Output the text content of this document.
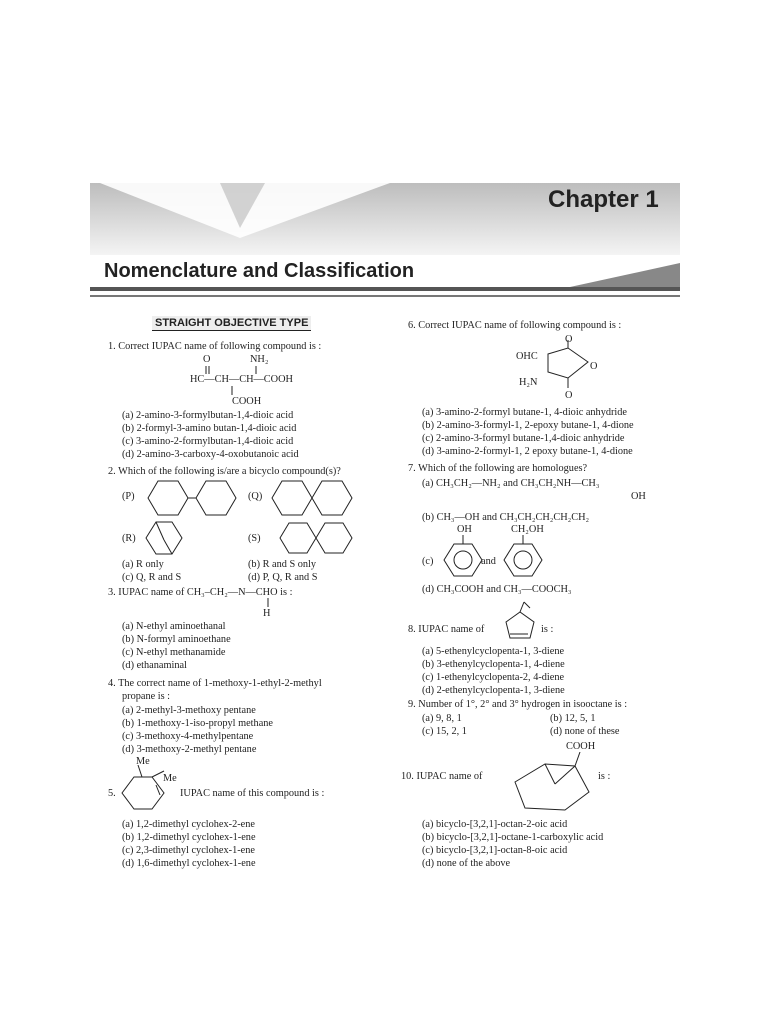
Chapter 1
Nomenclature and Classification
STRAIGHT OBJECTIVE TYPE
1. Correct IUPAC name of following compound is :
O	NH₂
HC—CH—CH—COOH
COOH

(a) 2-amino-3-formylbutan-1,4-dioic acid

(b) 2-formyl-3-amino butan-1,4-dioic acid

(c) 3-amino-2-formylbutan-1,4-dioic acid

(d) 2-amino-3-carboxy-4-oxobutanoic acid

2. Which of the following is/are a bicyclo compound(s)?
(P)	(Q)
(R)	(S)
(a) R only	(b) R and S only
(c) Q, R and S	(d) P, Q, R and S
3. IUPAC name of CH₃–CH₂—N—CHO is :
H

(a) N-ethyl aminoethanal

(b) N-formyl aminoethane

(c) N-ethyl methanamide

(d) ethanaminal

4. The correct name of 1-methoxy-1-ethyl-2-methyl
propane is :

(a) 2-methyl-3-methoxy pentane

(b) 1-methoxy-1-iso-propyl methane

(c) 3-methoxy-4-methylpentane

(d) 3-methoxy-2-methyl pentane

5.	IUPAC name of this compound is :
Me
Me

(a) 1,2-dimethyl cyclohex-2-ene

(b) 1,2-dimethyl cyclohex-1-ene

(c) 2,3-dimethyl cyclohex-1-ene

(d) 1,6-dimethyl cyclohex-1-ene

6. Correct IUPAC name of following compound is :
OHC
H₂N
O
O
O

(a) 3-amino-2-formyl butane-1, 4-dioic anhydride

(b) 2-amino-3-formyl-1, 2-epoxy butane-1, 4-dione

(c) 2-amino-3-formyl butane-1,4-dioic anhydride

(d) 3-amino-2-formyl-1, 2 epoxy butane-1, 4-dione

7. Which of the following are homologues?
(a) CH₃CH₂—NH₂ and CH₃CH₂NH—CH₃
OH
(b) CH₃—OH and CH₃CH₂CH₂CH₂CH₂
OH	CH₂OH
(c)	and
(d) CH₃COOH and CH₃—COOCH₃
8. IUPAC name of	is :

(a) 5-ethenylcyclopenta-1, 3-diene

(b) 3-ethenylcyclopenta-1, 4-diene

(c) 1-ethenylcyclopenta-2, 4-diene

(d) 2-ethenylcyclopenta-1, 3-diene

9. Number of 1°, 2° and 3° hydrogen in isooctane is :
(a) 9, 8, 1	(b) 12, 5, 1
(c) 15, 2, 1	(d) none of these
COOH
10. IUPAC name of	is :

(a) bicyclo-[3,2,1]-octan-2-oic acid

(b) bicyclo-[3,2,1]-octane-1-carboxylic acid

(c) bicyclo-[3,2,1]-octan-8-oic acid

(d) none of the above
